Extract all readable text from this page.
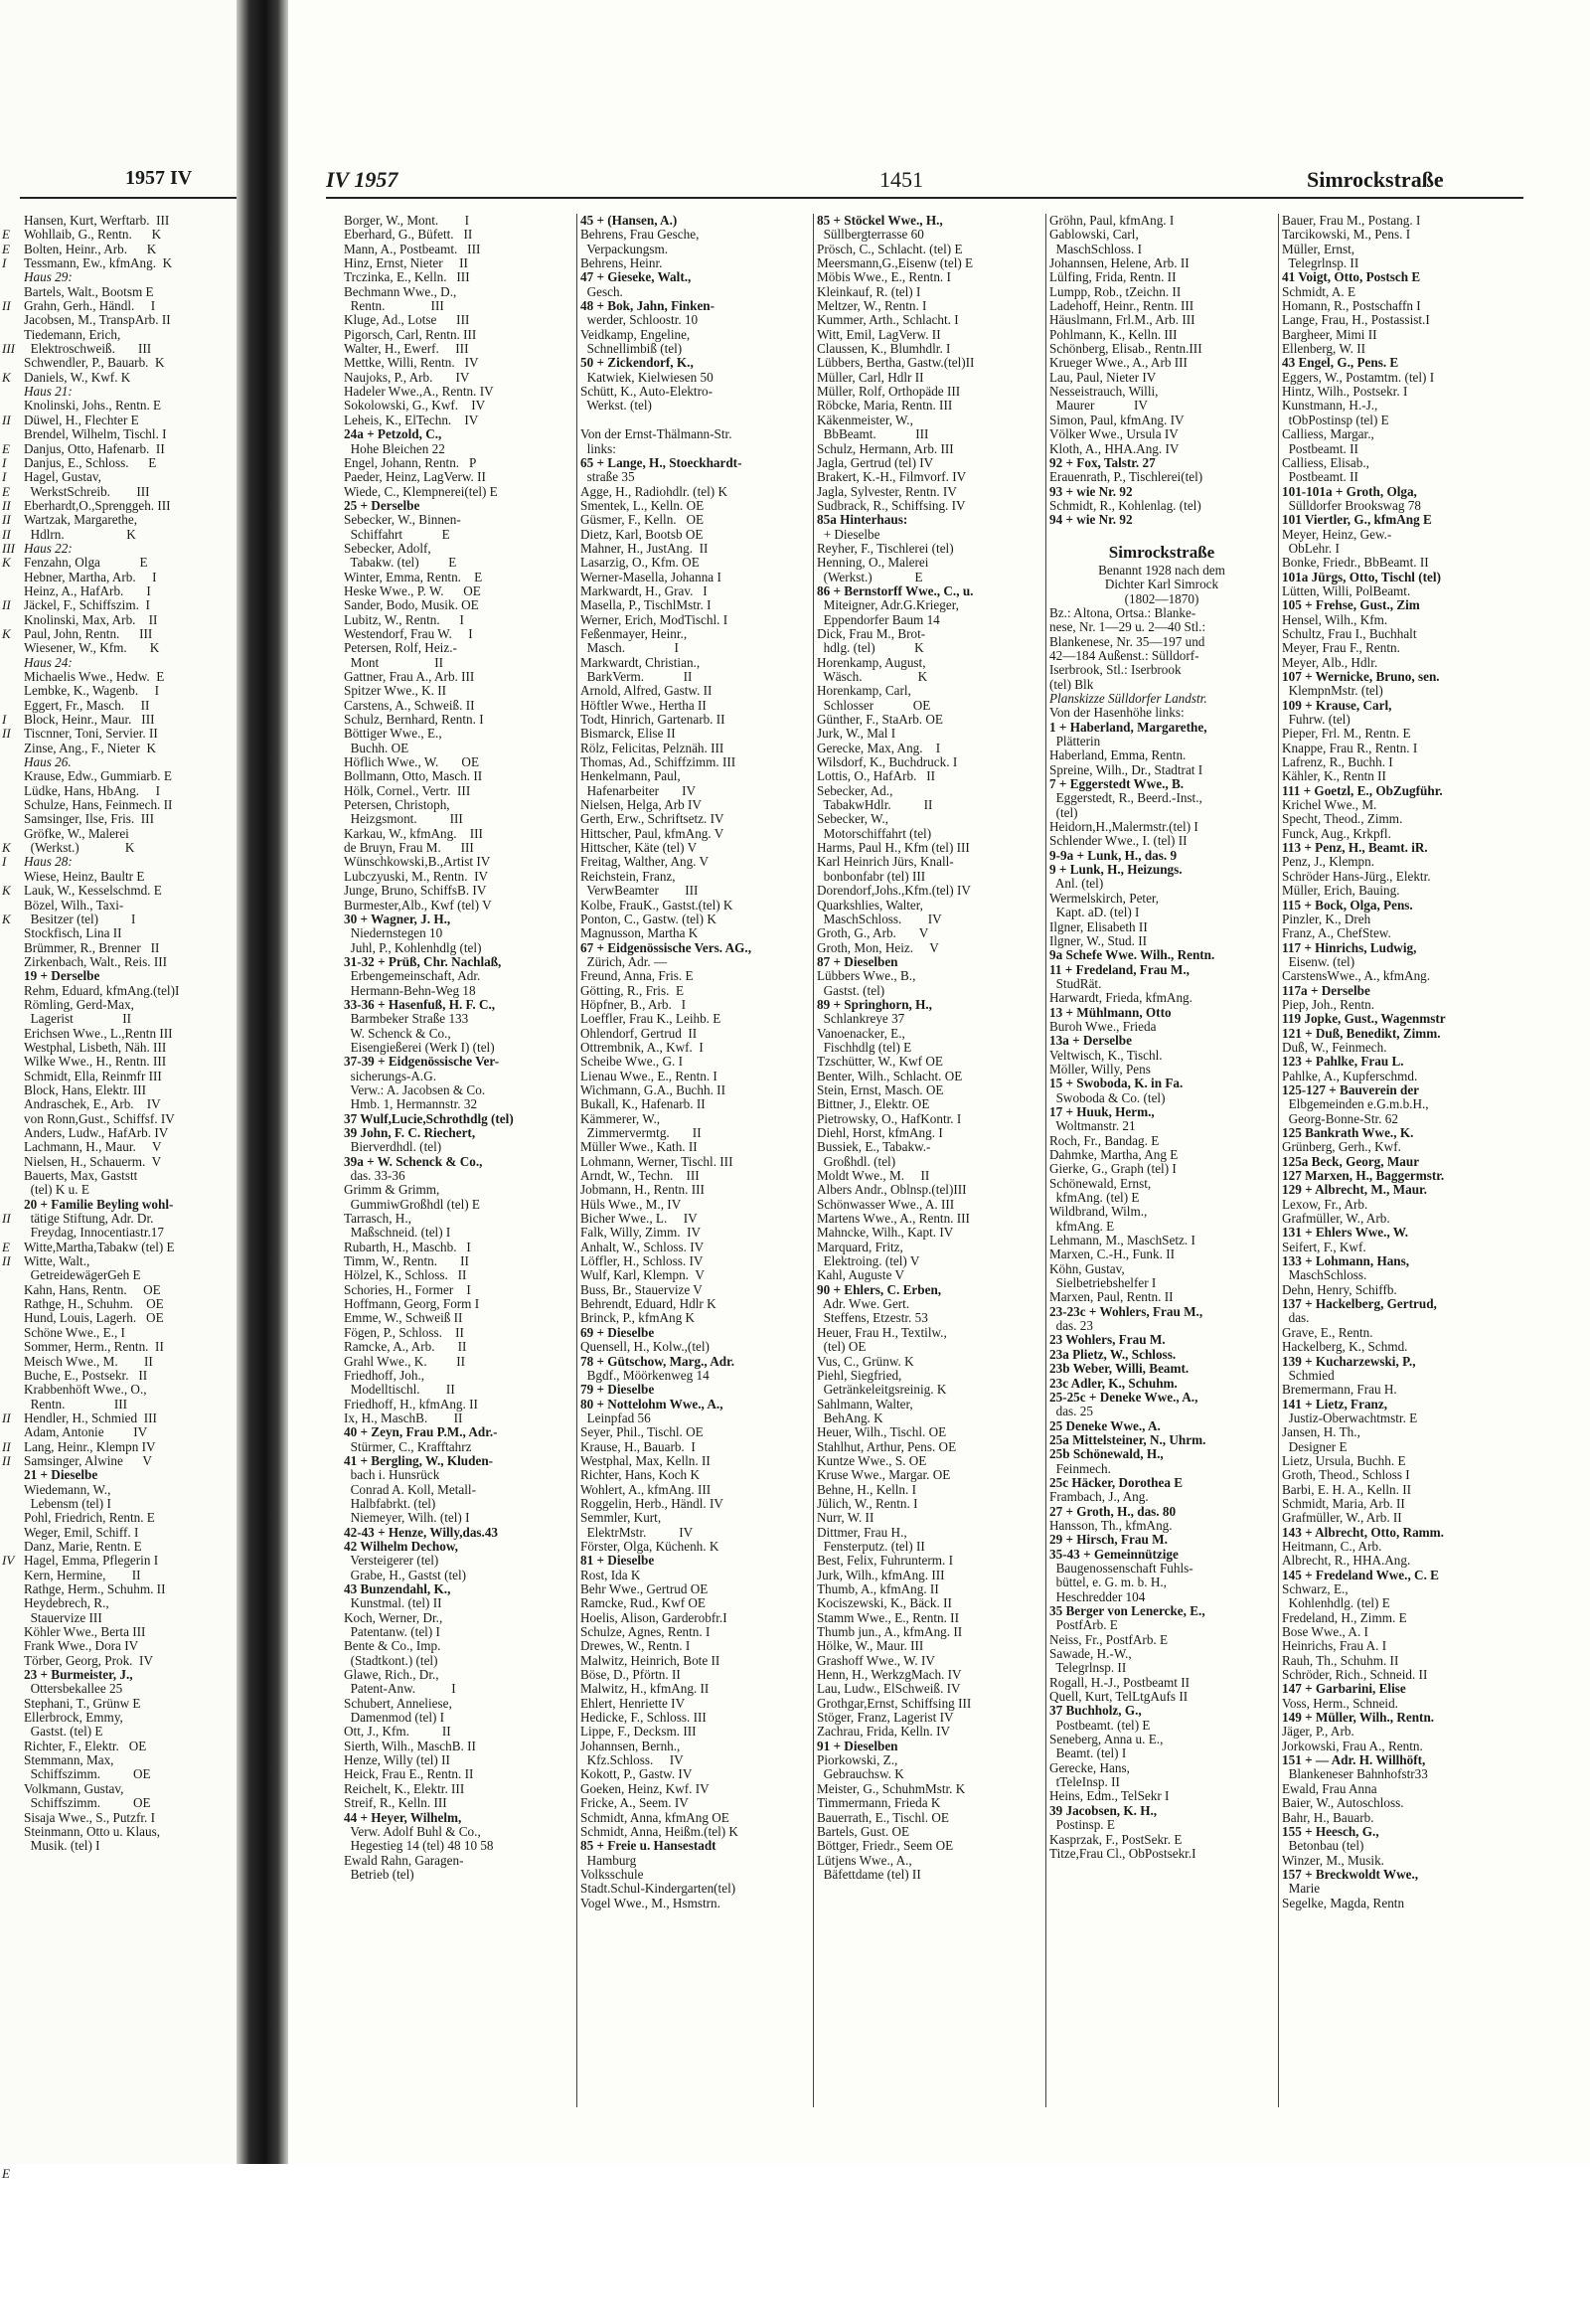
1957 IV
E
E
I
II
III
K
II
E
I
I
E
II
II
II
III
K
II
K
I
II
K
I
K
K
II
E
II
II
II
II
IV
E
Hansen, Kurt, Werftarb.  III
Wohllaib, G., Rentn.      K
Bolten, Heinr., Arb.      K
Tessmann, Ew., kfmAng.  K
Haus 29:
Bartels, Walt., Bootsm E
Grahn, Gerh., Händl.     I
Jacobsen, M., TranspArb. II
Tiedemann, Erich,
Elektroschweiß.       III
Schwendler, P., Bauarb.  K
Daniels, W., Kwf. K
Haus 21:
Knolinski, Johs., Rentn. E
Düwel, H., Flechter E
Brendel, Wilhelm, Tischl. I
Danjus, Otto, Hafenarb.  II
Danjus, E., Schloss.      E
Hagel, Gustav,
WerkstSchreib.        III
Eberhardt,O.,Sprenggeh. III
Wartzak, Margarethe,
Hdlrn.                   K
Haus 22:
Fenzahn, Olga            E
Hebner, Martha, Arb.     I
Heinz, A., HafArb.       I
Jäckel, F., Schiffszim.  I
Knolinski, Max, Arb.    II
Paul, John, Rentn.      III
Wiesener, W., Kfm.       K
Haus 24:
Michaelis Wwe., Hedw.  E
Lembke, K., Wagenb.     I
Eggert, Fr., Masch.     II
Block, Heinr., Maur.   III
Tiscnner, Toni, Servier. II
Zinse, Ang., F., Nieter  K
Haus 26.
Krause, Edw., Gummiarb. E
Lüdke, Hans, HbAng.     I
Schulze, Hans, Feinmech. II
Samsinger, Ilse, Fris.  III
Gröfke, W., Malerei
(Werkst.)              K
Haus 28:
Wiese, Heinz, Baultr E
Lauk, W., Kesselschmd. E
Bözel, Wilh., Taxi-
Besitzer (tel)          I
Stockfisch, Lina II
Brümmer, R., Brenner   II
Zirkenbach, Walt., Reis. III
19 + Derselbe
Rehm, Eduard, kfmAng.(tel)I
Römling, Gerd-Max,
Lagerist               II
Erichsen Wwe., L.,Rentn III
Westphal, Lisbeth, Näh. III
Wilke Wwe., H., Rentn. III
Schmidt, Ella, Reinmfr III
Block, Hans, Elektr. III
Andraschek, E., Arb.    IV
von Ronn,Gust., Schiffsf. IV
Anders, Ludw., HafArb. IV
Lachmann, H., Maur.     V
Nielsen, H., Schauerm.  V
Bauerts, Max, Gaststt
(tel) K u. E
20 + Familie Beyling wohl-
tätige Stiftung, Adr. Dr.
Freydag, Innocentiastr.17
Witte,Martha,Tabakw (tel) E
Witte, Walt.,
GetreidewägerGeh E
Kahn, Hans, Rentn.     OE
Rathge, H., Schuhm.    OE
Hund, Louis, Lagerh.   OE
Schöne Wwe., E., I
Sommer, Herm., Rentn.  II
Meisch Wwe., M.        II
Buche, E., Postsekr.   II
Krabbenhöft Wwe., O.,
Rentn.               III
Hendler, H., Schmied  III
Adam, Antonie         IV
Lang, Heinr., Klempn IV
Samsinger, Alwine      V
21 + Dieselbe
Wiedemann, W.,
Lebensm (tel) I
Pohl, Friedrich, Rentn. E
Weger, Emil, Schiff. I
Danz, Marie, Rentn. E
Hagel, Emma, Pflegerin I
Kern, Hermine,        II
Rathge, Herm., Schuhm. II
Heydebrech, R.,
Stauervize III
Köhler Wwe., Berta III
Frank Wwe., Dora IV
Törber, Georg, Prok.  IV
23 + Burmeister, J.,
Ottersbekallee 25
Stephani, T., Grünw E
Ellerbrock, Emmy,
Gastst. (tel) E
Richter, F., Elektr.   OE
Stemmann, Max,
Schiffszimm.          OE
Volkmann, Gustav,
Schiffszimm.          OE
Sisaja Wwe., S., Putzfr. I
Steinmann, Otto u. Klaus,
Musik. (tel) I
IV 1957	1451	Simrockstraße
Borger, W., Mont.        I
Eberhard, G., Büfett.   II
Mann, A., Postbeamt.   III
Hinz, Ernst, Nieter     II
Trczinka, E., Kelln.   III
Bechmann Wwe., D.,
Rentn.              III
Kluge, Ad., Lotse      III
Pigorsch, Carl, Rentn. III
Walter, H., Ewerf.     III
Mettke, Willi, Rentn.   IV
Naujoks, P., Arb.       IV
Hadeler Wwe.,A., Rentn. IV
Sokolowski, G., Kwf.    IV
Leheis, K., ElTechn.    IV
24a + Petzold, C.,
Hohe Bleichen 22
Engel, Johann, Rentn.   P
Paeder, Heinz, LagVerw. II
Wiede, C., Klempnerei(tel) E
25 + Derselbe
Sebecker, W., Binnen-
Schiffahrt            E
Sebecker, Adolf,
Tabakw. (tel)         E
Winter, Emma, Rentn.    E
Heske Wwe., P. W.      OE
Sander, Bodo, Musik. OE
Lubitz, W., Rentn.      I
Westendorf, Frau W.     I
Petersen, Rolf, Heiz.-
Mont                 II
Gattner, Frau A., Arb. III
Spitzer Wwe., K. II
Carstens, A., Schweiß. II
Schulz, Bernhard, Rentn. I
Böttiger Wwe., E.,
Buchh. OE
Höflich Wwe., W.       OE
Bollmann, Otto, Masch. II
Hölk, Cornel., Vertr.  III
Petersen, Christoph,
Heizgsmont.          III
Karkau, W., kfmAng.    III
de Bruyn, Frau M.      III
Wünschkowski,B.,Artist IV
Lubczyuski, M., Rentn.  IV
Junge, Bruno, SchiffsB. IV
Burmester,Alb., Kwf (tel) V
30 + Wagner, J. H.,
Niedernstegen 10
Juhl, P., Kohlenhdlg (tel)
31-32 + Prüß, Chr. Nachlaß,
Erbengemeinschaft, Adr.
Hermann-Behn-Weg 18
33-36 + Hasenfuß, H. F. C.,
Barmbeker Straße 133
W. Schenck & Co.,
Eisengießerei (Werk I) (tel)
37-39 + Eidgenössische Ver-
sicherungs-A.G.
Verw.: A. Jacobsen & Co.
Hmb. 1, Hermannstr. 32
37 Wulf,Lucie,Schrothdlg (tel)
39 John, F. C. Riechert,
Bierverdhdl. (tel)
39a + W. Schenck & Co.,
das. 33-36
Grimm & Grimm,
GummiwGroßhdl (tel) E
Tarrasch, H.,
Maßschneid. (tel) I
Rubarth, H., Maschb.   I
Timm, W., Rentn.       II
Hölzel, K., Schloss.   II
Schories, H., Former    I
Hoffmann, Georg, Form I
Emme, W., Schweiß II
Fögen, P., Schloss.    II
Ramcke, A., Arb.       II
Grahl Wwe., K.         II
Friedhoff, Joh.,
Modelltischl.        II
Friedhoff, H., kfmAng. II
Ix, H., MaschB.        II
40 + Zeyn, Frau P.M., Adr.-
Stürmer, C., Krafftahrz
41 + Bergling, W., Kluden-
bach i. Hunsrück
Conrad A. Koll, Metall-
Halbfabrkt. (tel)
Niemeyer, Wilh. (tel) I
42-43 + Henze, Willy,das.43
42 Wilhelm Dechow,
Versteigerer (tel)
Grabe, H., Gastst (tel)
43 Bunzendahl, K.,
Kunstmal. (tel) II
Koch, Werner, Dr.,
Patentanw. (tel) I
Bente & Co., Imp.
(Stadtkont.) (tel)
Glawe, Rich., Dr.,
Patent-Anw.           I
Schubert, Anneliese,
Damenmod (tel) I
Ott, J., Kfm.          II
Sierth, Wilh., MaschB. II
Henze, Willy (tel) II
Heick, Frau E., Rentn. II
Reichelt, K., Elektr. III
Streif, R., Kelln. III
44 + Heyer, Wilhelm,
Verw. Adolf Buhl & Co.,
Hegestieg 14 (tel) 48 10 58
Ewald Rahn, Garagen-
Betrieb (tel)
45 + (Hansen, A.)
Behrens, Frau Gesche,
Verpackungsm.
Behrens, Heinr.
47 + Gieseke, Walt.,
Gesch.
48 + Bok, Jahn, Finken-
werder, Schloostr. 10
Veidkamp, Engeline,
Schnellimbiß (tel)
50 + Zickendorf, K.,
Katwiek, Kielwiesen 50
Schütt, K., Auto-Elektro-
Werkst. (tel)
Von der Ernst-Thälmann-Str.
links:
65 + Lange, H., Stoeckhardt-
straße 35
Agge, H., Radiohdlr. (tel) K
Smentek, L., Kelln. OE
Güsmer, F., Kelln.   OE
Dietz, Karl, Bootsb OE
Mahner, H., JustAng.  II
Lasarzig, O., Kfm. OE
Werner-Masella, Johanna I
Markwardt, H., Grav.   I
Masella, P., TischlMstr. I
Werner, Erich, ModTischl. I
Feßenmayer, Heinr.,
Masch.               I
Markwardt, Christian.,
BarkVerm.            II
Arnold, Alfred, Gastw. II
Höftler Wwe., Hertha II
Todt, Hinrich, Gartenarb. II
Bismarck, Elise II
Rölz, Felicitas, Pelznäh. III
Thomas, Ad., Schiffzimm. III
Henkelmann, Paul,
Hafenarbeiter       IV
Nielsen, Helga, Arb IV
Gerth, Erw., Schriftsetz. IV
Hittscher, Paul, kfmAng. V
Hittscher, Käte (tel) V
Freitag, Walther, Ang. V
Reichstein, Franz,
VerwBeamter        III
Kolbe, FrauK., Gastst.(tel) K
Ponton, C., Gastw. (tel) K
Magnusson, Martha K
67 + Eidgenössische Vers. AG.,
Zürich, Adr. —
Freund, Anna, Fris. E
Götting, R., Fris.  E
Höpfner, B., Arb.   I
Loeffler, Frau K., Leihb. E
Ohlendorf, Gertrud  II
Ottrembnik, A., Kwf.  I
Scheibe Wwe., G. I
Lienau Wwe., E., Rentn. I
Wichmann, G.A., Buchh. II
Bukall, K., Hafenarb. II
Kämmerer, W.,
Zimmervermtg.       II
Müller Wwe., Kath. II
Lohmann, Werner, Tischl. III
Arndt, W., Techn.    III
Jobmann, H., Rentn. III
Hüls Wwe., M., IV
Bicher Wwe., L.     IV
Falk, Willy, Zimm.  IV
Anhalt, W., Schloss. IV
Löffler, H., Schloss. IV
Wulf, Karl, Klempn.  V
Buss, Br., Stauervize V
Behrendt, Eduard, Hdlr K
Brinck, P., kfmAng K
69 + Dieselbe
Quensell, H., Kolw.,(tel)
78 + Gütschow, Marg., Adr.
Bgdf., Möörkenweg 14
79 + Dieselbe
80 + Nottelohm Wwe., A.,
Leinpfad 56
Seyer, Phil., Tischl. OE
Krause, H., Bauarb.  I
Westphal, Max, Kelln. II
Richter, Hans, Koch K
Wohlert, A., kfmAng. III
Roggelin, Herb., Händl. IV
Semmler, Kurt,
ElektrMstr.          IV
Förster, Olga, Küchenh. K
81 + Dieselbe
Rost, Ida K
Behr Wwe., Gertrud OE
Ramcke, Rud., Kwf OE
Hoelis, Alison, Garderobfr.I
Schulze, Agnes, Rentn. I
Drewes, W., Rentn. I
Malwitz, Heinrich, Bote II
Böse, D., Pförtn. II
Malwitz, H., kfmAng. II
Ehlert, Henriette IV
Hedicke, F., Schloss. III
Lippe, F., Decksm. III
Johannsen, Bernh.,
Kfz.Schloss.     IV
Kokott, P., Gastw. IV
Goeken, Heinz, Kwf. IV
Fricke, A., Seem. IV
Schmidt, Anna, kfmAng OE
Schmidt, Anna, Heißm.(tel) K
85 + Freie u. Hansestadt
Hamburg
Volksschule
Stadt.Schul-Kindergarten(tel)
Vogel Wwe., M., Hsmstrn.
85 + Stöckel Wwe., H.,
Süllbergterrasse 60
Prösch, C., Schlacht. (tel) E
Meersmann,G.,Eisenw (tel) E
Möbis Wwe., E., Rentn. I
Kleinkauf, R. (tel) I
Meltzer, W., Rentn. I
Kummer, Arth., Schlacht. I
Witt, Emil, LagVerw. II
Claussen, K., Blumhdlr. I
Lübbers, Bertha, Gastw.(tel)II
Müller, Carl, Hdlr II
Müller, Rolf, Orthopäde III
Röbcke, Maria, Rentn. III
Käkenmeister, W.,
BbBeamt.            III
Schulz, Hermann, Arb. III
Jagla, Gertrud (tel) IV
Brakert, K.-H., Filmvorf. IV
Jagla, Sylvester, Rentn. IV
Sudbrack, R., Schiffsing. IV
85a Hinterhaus:
+ Dieselbe
Reyher, F., Tischlerei (tel)
Henning, O., Malerei
(Werkst.)             E
86 + Bernstorff Wwe., C., u.
Miteigner, Adr.G.Krieger,
Eppendorfer Baum 14
Dick, Frau M., Brot-
hdlg. (tel)            K
Horenkamp, August,
Wäsch.                 K
Horenkamp, Carl,
Schlosser            OE
Günther, F., StaArb. OE
Jurk, W., Mal I
Gerecke, Max, Ang.    I
Wilsdorf, K., Buchdruck. I
Lottis, O., HafArb.   II
Sebecker, Ad.,
TabakwHdlr.          II
Sebecker, W.,
Motorschiffahrt (tel)
Harms, Paul H., Kfm (tel) III
Karl Heinrich Jürs, Knall-
bonbonfabr (tel) III
Dorendorf,Johs.,Kfm.(tel) IV
Quarkshlies, Walter,
MaschSchloss.        IV
Groth, G., Arb.       V
Groth, Mon, Heiz.     V
87 + Dieselben
Lübbers Wwe., B.,
Gastst. (tel)
89 + Springhorn, H.,
Schlankreye 37
Vanoenacker, E.,
Fischhdlg (tel) E
Tzschütter, W., Kwf OE
Benter, Wilh., Schlacht. OE
Stein, Ernst, Masch. OE
Bittner, J., Elektr. OE
Pietrowsky, O., HafKontr. I
Diehl, Horst, kfmAng. I
Bussiek, E., Tabakw.-
Großhdl. (tel)
Moldt Wwe., M.     II
Albers Andr., Oblnsp.(tel)III
Schönwasser Wwe., A. III
Martens Wwe., A., Rentn. III
Mahncke, Wilh., Kapt. IV
Marquard, Fritz,
Elektroing. (tel) V
Kahl, Auguste V
90 + Ehlers, C. Erben,
Adr. Wwe. Gert.
Steffens, Etzestr. 53
Heuer, Frau H., Textilw.,
(tel) OE
Vus, C., Grünw. K
Piehl, Siegfried,
Getränkeleitgsreinig. K
Sahlmann, Walter,
BehAng. K
Heuer, Wilh., Tischl. OE
Stahlhut, Arthur, Pens. OE
Kuntze Wwe., S. OE
Kruse Wwe., Margar. OE
Behne, H., Kelln. I
Jülich, W., Rentn. I
Nurr, W. II
Dittmer, Frau H.,
Fensterputz. (tel) II
Best, Felix, Fuhrunterm. I
Jurk, Wilh., kfmAng. III
Thumb, A., kfmAng. II
Kociszewski, K., Bäck. II
Stamm Wwe., E., Rentn. II
Thumb jun., A., kfmAng. II
Hölke, W., Maur. III
Grashoff Wwe., W. IV
Henn, H., WerkzgMach. IV
Lau, Ludw., ElSchweiß. IV
Grothgar,Ernst, Schiffsing III
Stöger, Franz, Lagerist IV
Zachrau, Frida, Kelln. IV
91 + Dieselben
Piorkowski, Z.,
Gebrauchsw. K
Meister, G., SchuhmMstr. K
Timmermann, Frieda K
Bauerrath, E., Tischl. OE
Bartels, Gust. OE
Böttger, Friedr., Seem OE
Lütjens Wwe., A.,
Bäfettdame (tel) II
Gröhn, Paul, kfmAng. I
Gablowski, Carl,
MaschSchloss. I
Johannsen, Helene, Arb. II
Lülfing, Frida, Rentn. II
Lumpp, Rob., tZeichn. II
Ladehoff, Heinr., Rentn. III
Häuslmann, Frl.M., Arb. III
Pohlmann, K., Kelln. III
Schönberg, Elisab., Rentn.III
Krueger Wwe., A., Arb III
Lau, Paul, Nieter IV
Nesseistrauch, Willi,
Maurer            IV
Simon, Paul, kfmAng. IV
Völker Wwe., Ursula IV
Kloth, A., HHA.Ang. IV
92 + Fox, Talstr. 27
Erauenrath, P., Tischlerei(tel)
93 + wie Nr. 92
Schmidt, R., Kohlenlag. (tel)
94 + wie Nr. 92
Simrockstraße
Benannt 1928 nach dem
Dichter Karl Simrock
(1802—1870)
Bz.: Altona, Ortsa.: Blanke-
nese, Nr. 1—29 u. 2—40 Stl.:
Blankenese, Nr. 35—197 und
42—184 Außenst.: Sülldorf-
Iserbrook, Stl.: Iserbrook
(tel) Blk
Planskizze Sülldorfer Landstr.
Von der Hasenhöhe links:
1 + Haberland, Margarethe,
Plätterin
Haberland, Emma, Rentn.
Spreine, Wilh., Dr., Stadtrat I
7 + Eggerstedt Wwe., B.
Eggerstedt, R., Beerd.-Inst.,
(tel)
Heidorn,H.,Malermstr.(tel) I
Schlender Wwe., I. (tel) II
9-9a + Lunk, H., das. 9
9 + Lunk, H., Heizungs.
Anl. (tel)
Wermelskirch, Peter,
Kapt. aD. (tel) I
Ilgner, Elisabeth II
Ilgner, W., Stud. II
9a Schefe Wwe. Wilh., Rentn.
11 + Fredeland, Frau M.,
StudRät.
Harwardt, Frieda, kfmAng.
13 + Mühlmann, Otto
Buroh Wwe., Frieda
13a + Derselbe
Veltwisch, K., Tischl.
Möller, Willy, Pens
15 + Swoboda, K. in Fa.
Swoboda & Co. (tel)
17 + Huuk, Herm.,
Woltmanstr. 21
Roch, Fr., Bandag. E
Dahmke, Martha, Ang E
Gierke, G., Graph (tel) I
Schönewald, Ernst,
kfmAng. (tel) E
Wildbrand, Wilm.,
kfmAng. E
Lehmann, M., MaschSetz. I
Marxen, C.-H., Funk. II
Köhn, Gustav,
Sielbetriebshelfer I
Marxen, Paul, Rentn. II
23-23c + Wohlers, Frau M.,
das. 23
23 Wohlers, Frau M.
23a Plietz, W., Schloss.
23b Weber, Willi, Beamt.
23c Adler, K., Schuhm.
25-25c + Deneke Wwe., A.,
das. 25
25 Deneke Wwe., A.
25a Mittelsteiner, N., Uhrm.
25b Schönewald, H.,
Feinmech.
25c Häcker, Dorothea E
Frambach, J., Ang.
27 + Groth, H., das. 80
Hansson, Th., kfmAng.
29 + Hirsch, Frau M.
35-43 + Gemeinnützige
Baugenossenschaft Fuhls-
büttel, e. G. m. b. H.,
Heschredder 104
35 Berger von Lenercke, E.,
PostfArb. E
Neiss, Fr., PostfArb. E
Sawade, H.-W.,
Telegrlnsp. II
Rogall, H.-J., Postbeamt II
Quell, Kurt, TelLtgAufs II
37 Buchholz, G.,
Postbeamt. (tel) E
Seneberg, Anna u. E.,
Beamt. (tel) I
Gerecke, Hans,
tTeleInsp. II
Heins, Edm., TelSekr I
39 Jacobsen, K. H.,
Postinsp. E
Kasprzak, F., PostSekr. E
Titze,Frau Cl., ObPostsekr.I
Bauer, Frau M., Postang. I
Tarcikowski, M., Pens. I
Müller, Ernst,
Telegrlnsp. II
41 Voigt, Otto, Postsch E
Schmidt, A. E
Homann, R., Postschaffn I
Lange, Frau, H., Postassist.I
Bargheer, Mimi II
Ellenberg, W. II
43 Engel, G., Pens. E
Eggers, W., Postamtm. (tel) I
Hintz, Wilh., Postsekr. I
Kunstmann, H.-J.,
tObPostinsp (tel) E
Calliess, Margar.,
Postbeamt. II
Calliess, Elisab.,
Postbeamt. II
101-101a + Groth, Olga,
Sülldorfer Brookswag 78
101 Viertler, G., kfmAng E
Meyer, Heinz, Gew.-
ObLehr. I
Bonke, Friedr., BbBeamt. II
101a Jürgs, Otto, Tischl (tel)
Lütten, Willi, PolBeamt.
105 + Frehse, Gust., Zim
Hensel, Wilh., Kfm.
Schultz, Frau I., Buchhalt
Meyer, Frau F., Rentn.
Meyer, Alb., Hdlr.
107 + Wernicke, Bruno, sen.
KlempnMstr. (tel)
109 + Krause, Carl,
Fuhrw. (tel)
Pieper, Frl. M., Rentn. E
Knappe, Frau R., Rentn. I
Lafrenz, R., Buchh. I
Kähler, K., Rentn II
111 + Goetzl, E., ObZugführ.
Krichel Wwe., M.
Specht, Theod., Zimm.
Funck, Aug., Krkpfl.
113 + Penz, H., Beamt. iR.
Penz, J., Klempn.
Schröder Hans-Jürg., Elektr.
Müller, Erich, Bauing.
115 + Bock, Olga, Pens.
Pinzler, K., Dreh
Franz, A., ChefStew.
117 + Hinrichs, Ludwig,
Eisenw. (tel)
CarstensWwe., A., kfmAng.
117a + Derselbe
Piep, Joh., Rentn.
119 Jopke, Gust., Wagenmstr
121 + Duß, Benedikt, Zimm.
Duß, W., Feinmech.
123 + Pahlke, Frau L.
Pahlke, A., Kupferschmd.
125-127 + Bauverein der
Elbgemeinden e.G.m.b.H.,
Georg-Bonne-Str. 62
125 Bankrath Wwe., K.
Grünberg, Gerh., Kwf.
125a Beck, Georg, Maur
127 Marxen, H., Baggermstr.
129 + Albrecht, M., Maur.
Lexow, Fr., Arb.
Grafmüller, W., Arb.
131 + Ehlers Wwe., W.
Seifert, F., Kwf.
133 + Lohmann, Hans,
MaschSchloss.
Dehn, Henry, Schiffb.
137 + Hackelberg, Gertrud,
das.
Grave, E., Rentn.
Hackelberg, K., Schmd.
139 + Kucharzewski, P.,
Schmied
Bremermann, Frau H.
141 + Lietz, Franz,
Justiz-Oberwachtmstr. E
Jansen, H. Th.,
Designer E
Lietz, Ursula, Buchh. E
Groth, Theod., Schloss I
Barbi, E. H. A., Kelln. II
Schmidt, Maria, Arb. II
Grafmüller, W., Arb. II
143 + Albrecht, Otto, Ramm.
Heitmann, C., Arb.
Albrecht, R., HHA.Ang.
145 + Fredeland Wwe., C. E
Schwarz, E.,
Kohlenhdlg. (tel) E
Fredeland, H., Zimm. E
Bose Wwe., A. I
Heinrichs, Frau A. I
Rauh, Th., Schuhm. II
Schröder, Rich., Schneid. II
147 + Garbarini, Elise
Voss, Herm., Schneid.
149 + Müller, Wilh., Rentn.
Jäger, P., Arb.
Jorkowski, Frau A., Rentn.
151 + — Adr. H. Willhöft,
Blankeneser Bahnhofstr33
Ewald, Frau Anna
Baier, W., Autoschloss.
Bahr, H., Bauarb.
155 + Heesch, G.,
Betonbau (tel)
Winzer, M., Musik.
157 + Breckwoldt Wwe.,
Marie
Segelke, Magda, Rentn
